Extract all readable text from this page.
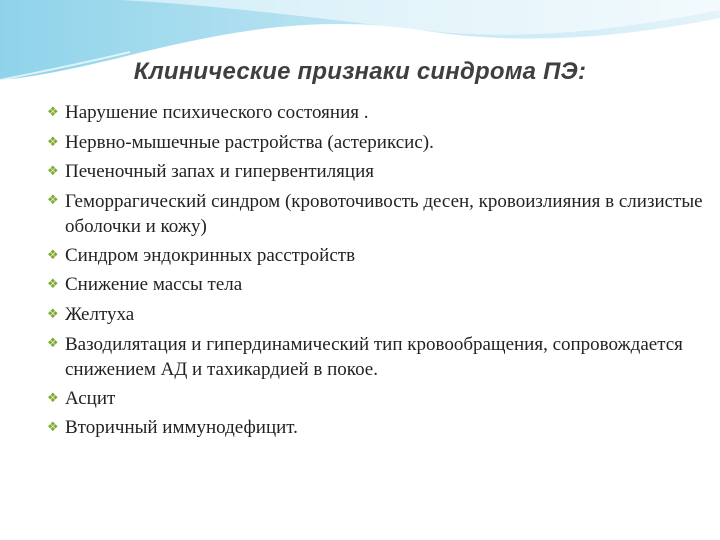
Клинические признаки синдрома ПЭ:
❖ Нарушение психического состояния .
❖ Нервно-мышечные растройства (астериксис).
❖ Печеночный запах и гипервентиляция
❖ Геморрагический синдром (кровоточивость десен, кровоизлияния в слизистые оболочки и кожу)
❖ Синдром эндокринных расстройств
❖ Снижение массы тела
❖ Желтуха
❖ Вазодилятация и гипердинамический тип кровообращения, сопровождается снижением АД и тахикардией в покое.
❖ Асцит
❖ Вторичный иммунодефицит.
